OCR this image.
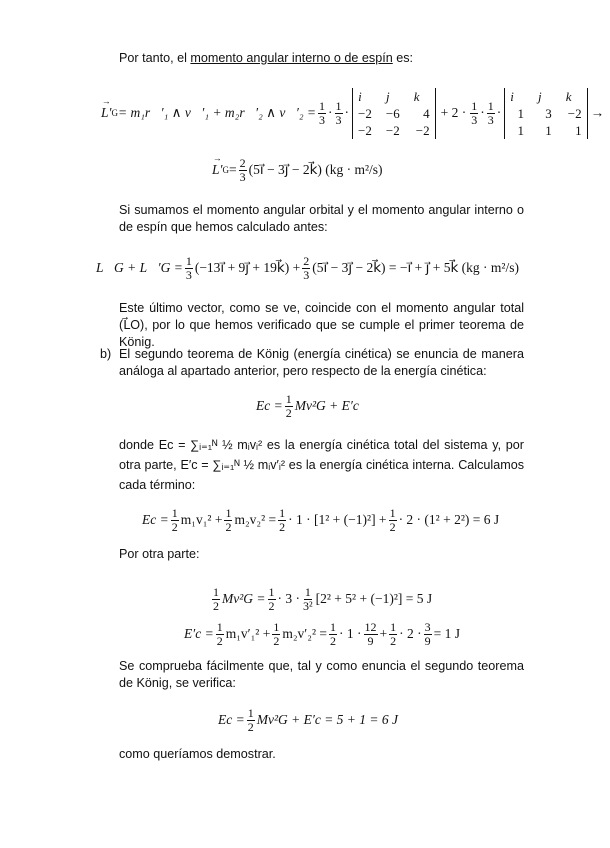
Por tanto, el momento angular interno o de espín es:
L′ → G = m₁r⃗′₁ ∧ v⃗′₁ + m₂r⃗′₂ ∧ v⃗′₂ = $\frac{1}{3} \cdot \frac{1}{3}$ ·
i⃗ j⃗ k⃗
−2 −6	4
−2 −2 −2
+ $2 \cdot \frac{1}{3} \cdot \frac{1}{3}$ ·
i⃗ j⃗ k⃗
1	3 −2
1	1	1
→
$L' \to G = \frac{2}{3}$ (5i⃗ − 3j⃗ − 2k⃗) (kg · m²/s)
Si sumamos el momento angular orbital y el momento angular interno o de espín que hemos calculado antes:
L⃗G + L⃗′G = $\frac{1}{3}$ (−13i⃗ + 9j⃗ + 19k⃗) + $\frac{2}{3}$ (5i⃗ − 3j⃗ − 2k⃗) = −i⃗ + j⃗ + 5k⃗ (kg · m²/s)
Este último vector, como se ve, coincide con el momento angular total (L⃗O), por lo que hemos verificado que se cumple el primer teorema de König.
b) El segundo teorema de König (energía cinética) se enuncia de manera análoga al apartado anterior, pero respecto de la energía cinética:
$Ec = \frac{1}{2} Mv^2G + E'c$
donde Ec = ∑ᵢ₌₁ᴺ ½ mᵢvᵢ² es la energía cinética total del sistema y, por otra parte, E′c = ∑ᵢ₌₁ᴺ ½ mᵢv′ᵢ² es la energía cinética interna. Calculamos cada término:
$Ec = \frac{1}{2} m_1v_1^2 + \frac{1}{2} m_2v_2^2 = \frac{1}{2} \cdot 1 \cdot [1^2 + (-1)^2] + \frac{1}{2} \cdot 2 \cdot (1^2 + 2^2) = 6$ J
Por otra parte:
$\frac{1}{2} Mv^2G = \frac{1}{2} \cdot 3 \cdot \frac{1}{\text{3²}} [2^2 + 5^2 + (-1)^2] = 5$ J
$E'c = \frac{1}{2} m_1v'_1^2 + \frac{1}{2} m_2v'_2^2 = \frac{1}{2} \cdot 1 \cdot \frac{12}{9} + \frac{1}{2} \cdot 2 \cdot \frac{3}{9} = 1$ J
Se comprueba fácilmente que, tal y como enuncia el segundo teorema de König, se verifica:
$Ec = \frac{1}{2} Mv^2G + E'c = 5 + 1 = 6$ J
como queríamos demostrar.
